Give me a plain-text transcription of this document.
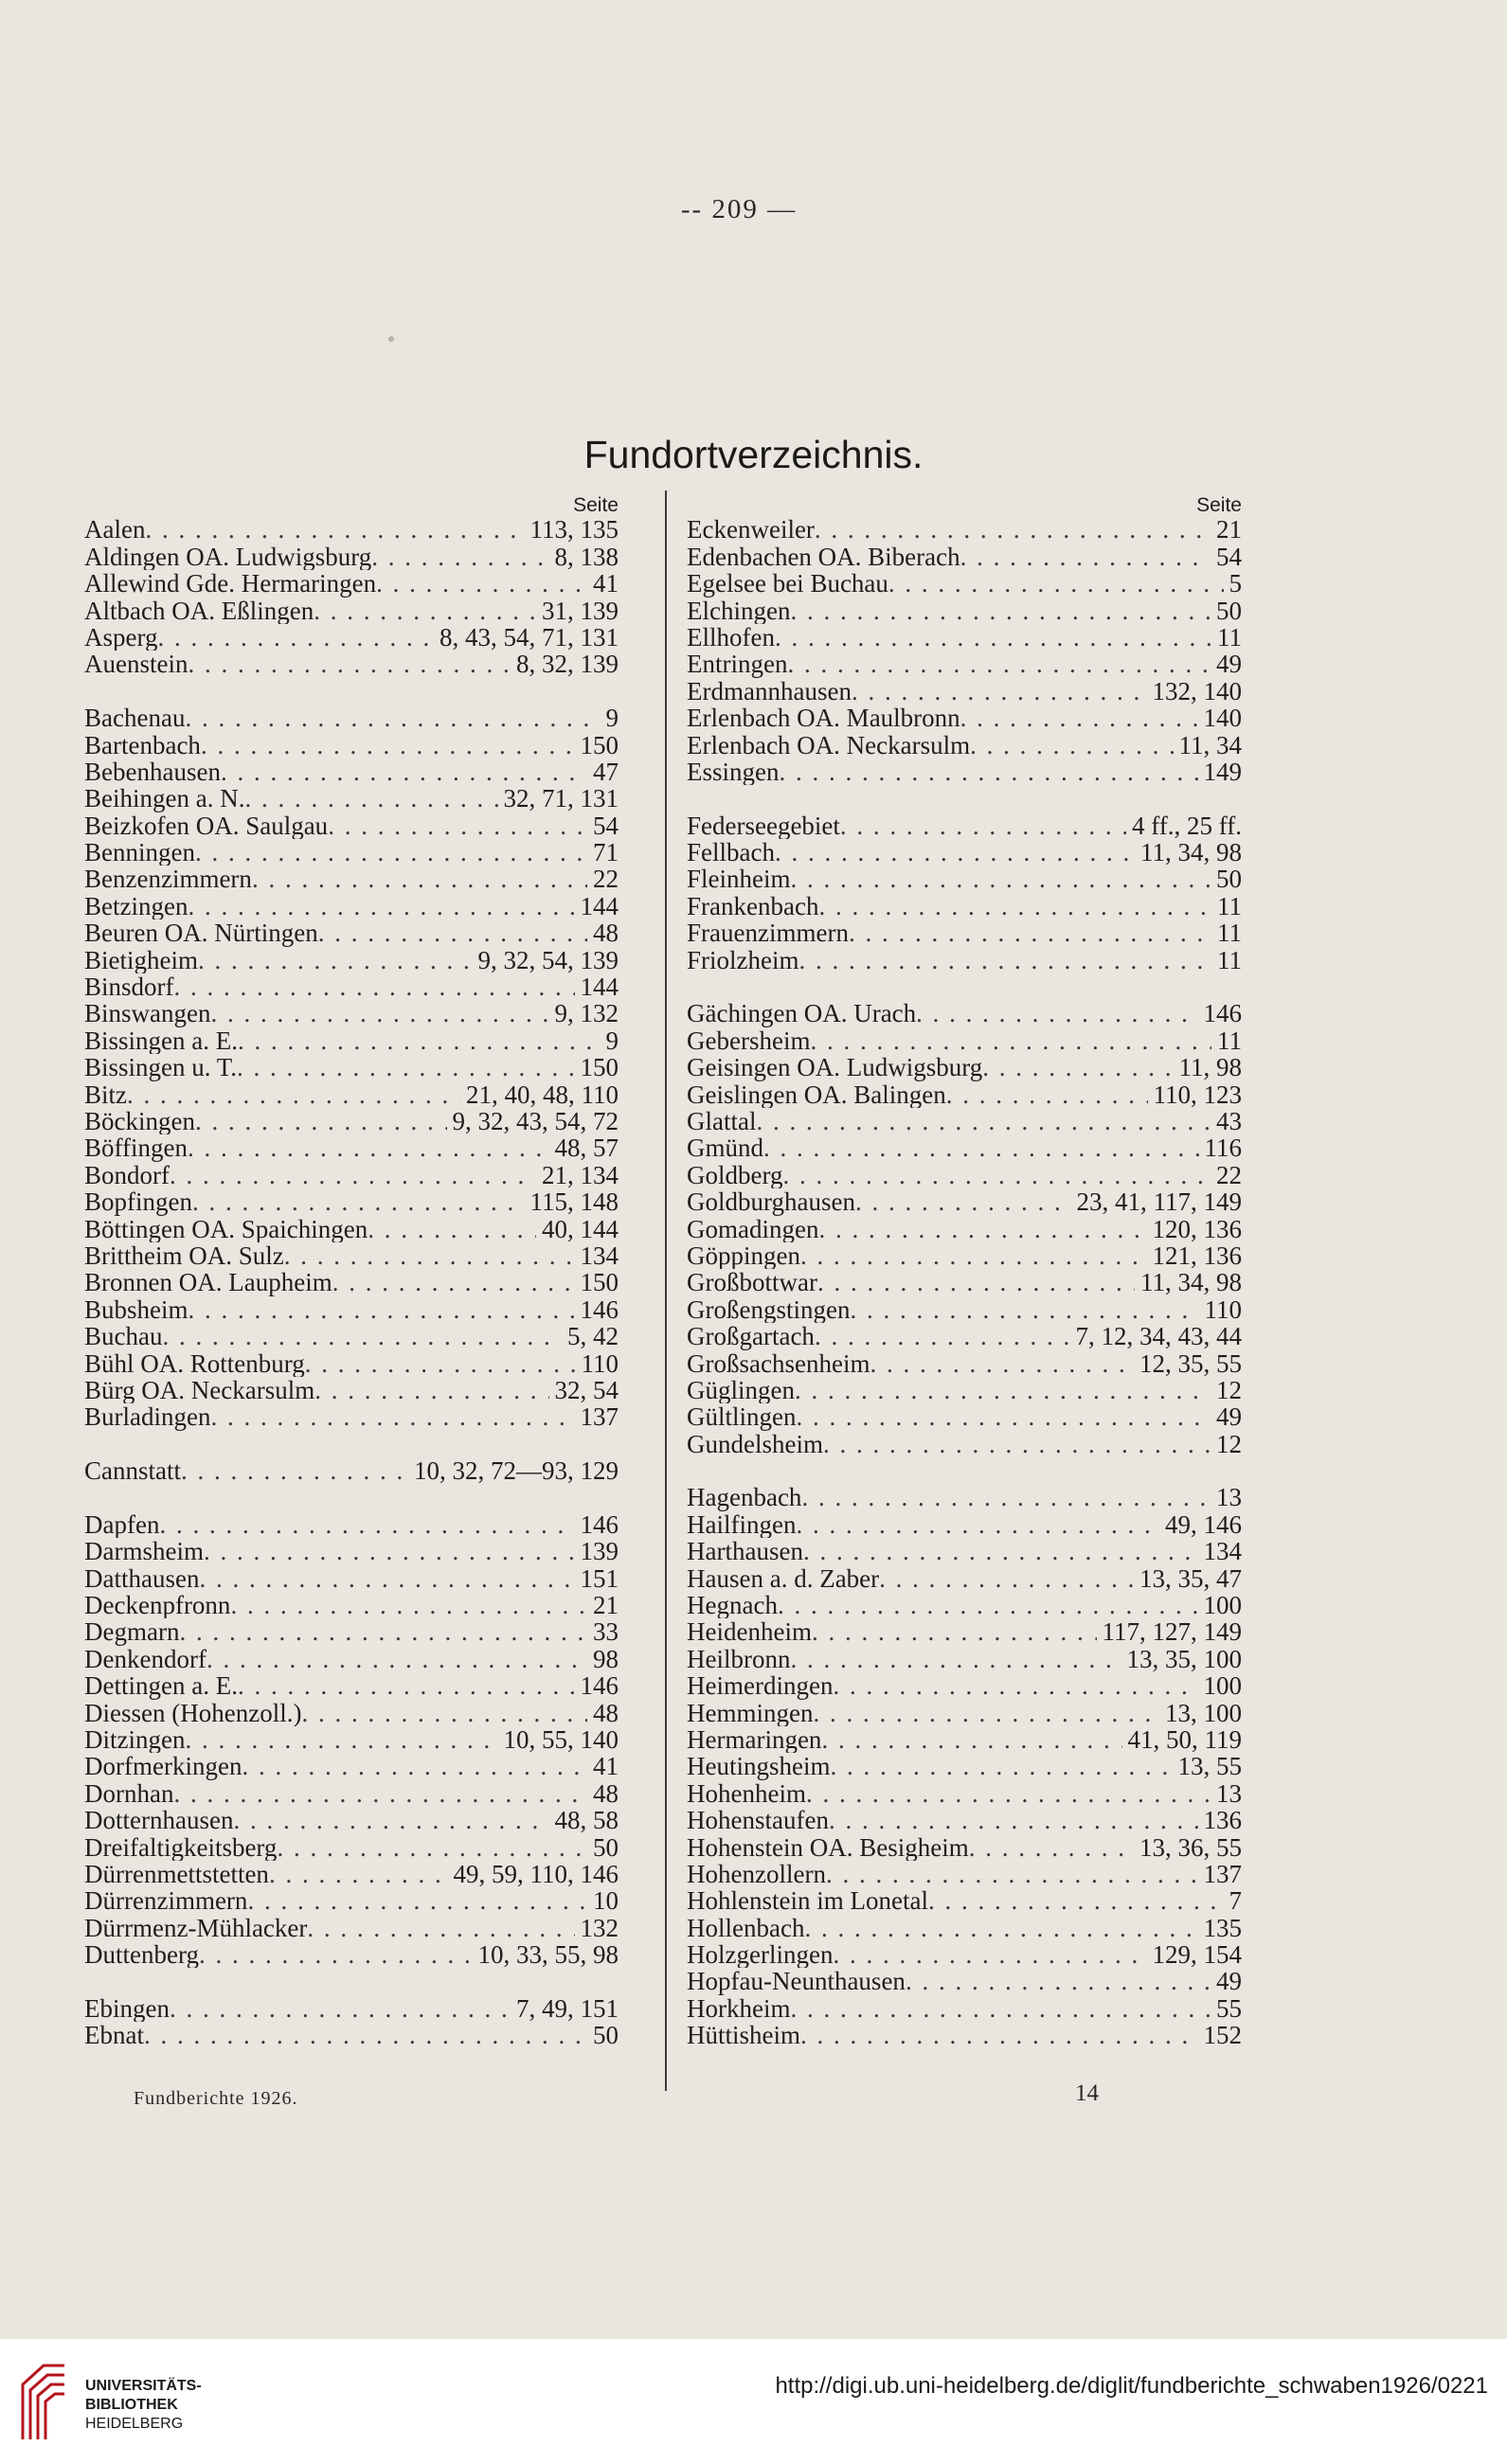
-- 209 —
Fundortverzeichnis.
Seite
Aalen . . .	113, 135
Aldingen OA. Ludwigsburg . . .	8, 138
Allewind Gde. Hermaringen . . .	41
Altbach OA. Eßlingen . . .	31, 139
Asperg . . .	8, 43, 54, 71, 131
Auenstein . . .	8, 32, 139
Bachenau . . .	9
Bartenbach . . .	150
Bebenhausen . . .	47
Beihingen a. N. . . .	32, 71, 131
Beizkofen OA. Saulgau . . .	54
Benningen . . .	71
Benzenzimmern . . .	22
Betzingen . . .	144
Beuren OA. Nürtingen . . .	48
Bietigheim . . .	9, 32, 54, 139
Binsdorf . . .	144
Binswangen . . .	9, 132
Bissingen a. E. . . .	9
Bissingen u. T. . . .	150
Bitz . . .	21, 40, 48, 110
Böckingen . . .	9, 32, 43, 54, 72
Böffingen . . .	48, 57
Bondorf . . .	21, 134
Bopfingen . . .	115, 148
Böttingen OA. Spaichingen . . .	40, 144
Brittheim OA. Sulz . . .	134
Bronnen OA. Laupheim . . .	150
Bubsheim . . .	146
Buchau . . .	5, 42
Bühl OA. Rottenburg . . .	110
Bürg OA. Neckarsulm . . .	32, 54
Burladingen . . .	137
Cannstatt . . .	10, 32, 72—93, 129
Dapfen . . .	146
Darmsheim . . .	139
Datthausen . . .	151
Deckenpfronn . . .	21
Degmarn . . .	33
Denkendorf . . .	98
Dettingen a. E. . . .	146
Diessen (Hohenzoll.) . . .	48
Ditzingen . . .	10, 55, 140
Dorfmerkingen . . .	41
Dornhan . . .	48
Dotternhausen . . .	48, 58
Dreifaltigkeitsberg . . .	50
Dürrenmettstetten . . .	49, 59, 110, 146
Dürrenzimmern . . .	10
Dürrmenz-Mühlacker . . .	132
Duttenberg . . .	10, 33, 55, 98
Ebingen . . .	7, 49, 151
Ebnat . . .	50
Seite
Eckenweiler . . .	21
Edenbachen OA. Biberach . . .	54
Egelsee bei Buchau . . .	5
Elchingen . . .	50
Ellhofen . . .	11
Entringen . . .	49
Erdmannhausen . . .	132, 140
Erlenbach OA. Maulbronn . . .	140
Erlenbach OA. Neckarsulm . . .	11, 34
Essingen . . .	149
Federseegebiet . . .	4 ff., 25 ff.
Fellbach . . .	11, 34, 98
Fleinheim . . .	50
Frankenbach . . .	11
Frauenzimmern . . .	11
Friolzheim . . .	11
Gächingen OA. Urach . . .	146
Gebersheim . . .	11
Geisingen OA. Ludwigsburg . . .	11, 98
Geislingen OA. Balingen . . .	110, 123
Glattal . . .	43
Gmünd . . .	116
Goldberg . . .	22
Goldburghausen . . .	23, 41, 117, 149
Gomadingen . . .	120, 136
Göppingen . . .	121, 136
Großbottwar . . .	11, 34, 98
Großengstingen . . .	110
Großgartach . . .	7, 12, 34, 43, 44
Großsachsenheim . . .	12, 35, 55
Güglingen . . .	12
Gültlingen . . .	49
Gundelsheim . . .	12
Hagenbach . . .	13
Hailfingen . . .	49, 146
Harthausen . . .	134
Hausen a. d. Zaber . . .	13, 35, 47
Hegnach . . .	100
Heidenheim . . .	117, 127, 149
Heilbronn . . .	13, 35, 100
Heimerdingen . . .	100
Hemmingen . . .	13, 100
Hermaringen . . .	41, 50, 119
Heutingsheim . . .	13, 55
Hohenheim . . .	13
Hohenstaufen . . .	136
Hohenstein OA. Besigheim . . .	13, 36, 55
Hohenzollern . . .	137
Hohlenstein im Lonetal . . .	7
Hollenbach . . .	135
Holzgerlingen . . .	129, 154
Hopfau-Neunthausen . . .	49
Horkheim . . .	55
Hüttisheim . . .	152
Fundberichte 1926.	14
UNIVERSITÄTS-
BIBLIOTHEK
HEIDELBERG
http://digi.ub.uni-heidelberg.de/diglit/fundberichte_schwaben1926/0221
